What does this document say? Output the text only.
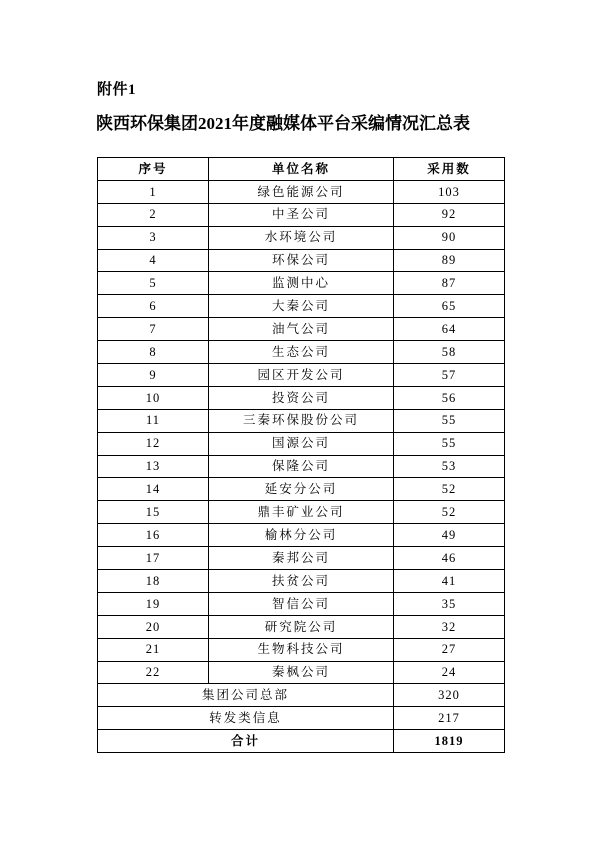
附件1
陕西环保集团2021年度融媒体平台采编情况汇总表
序号	单位名称	采用数
1	绿色能源公司	103
2	中圣公司	92
3	水环境公司	90
4	环保公司	89
5	监测中心	87
6	大秦公司	65
7	油气公司	64
8	生态公司	58
9	园区开发公司	57
10	投资公司	56
11	三秦环保股份公司	55
12	国源公司	55
13	保隆公司	53
14	延安分公司	52
15	鼎丰矿业公司	52
16	榆林分公司	49
17	秦邦公司	46
18	扶贫公司	41
19	智信公司	35
20	研究院公司	32
21	生物科技公司	27
22	秦枫公司	24
集团公司总部		320
转发类信息		217
合计		1819
